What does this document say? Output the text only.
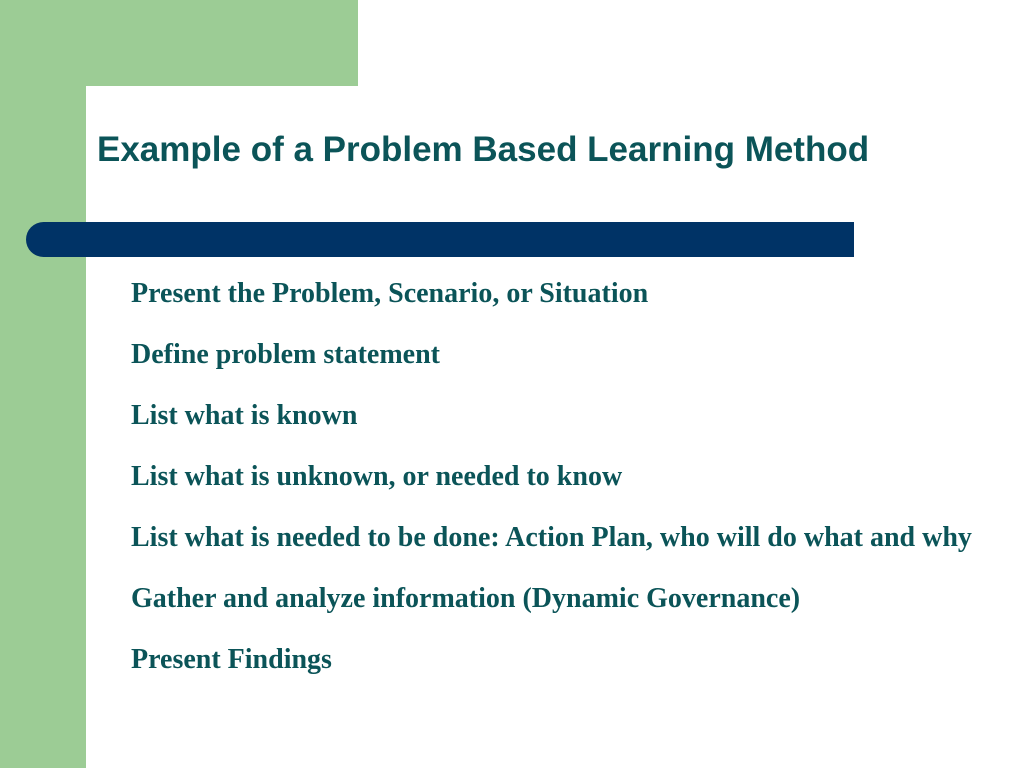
Example of a Problem Based Learning Method
Present the Problem, Scenario, or Situation
Define problem statement
List what is known
List what is unknown, or needed to know
List what is needed to be done: Action Plan, who will do what and why
Gather and analyze information (Dynamic Governance)
Present Findings
